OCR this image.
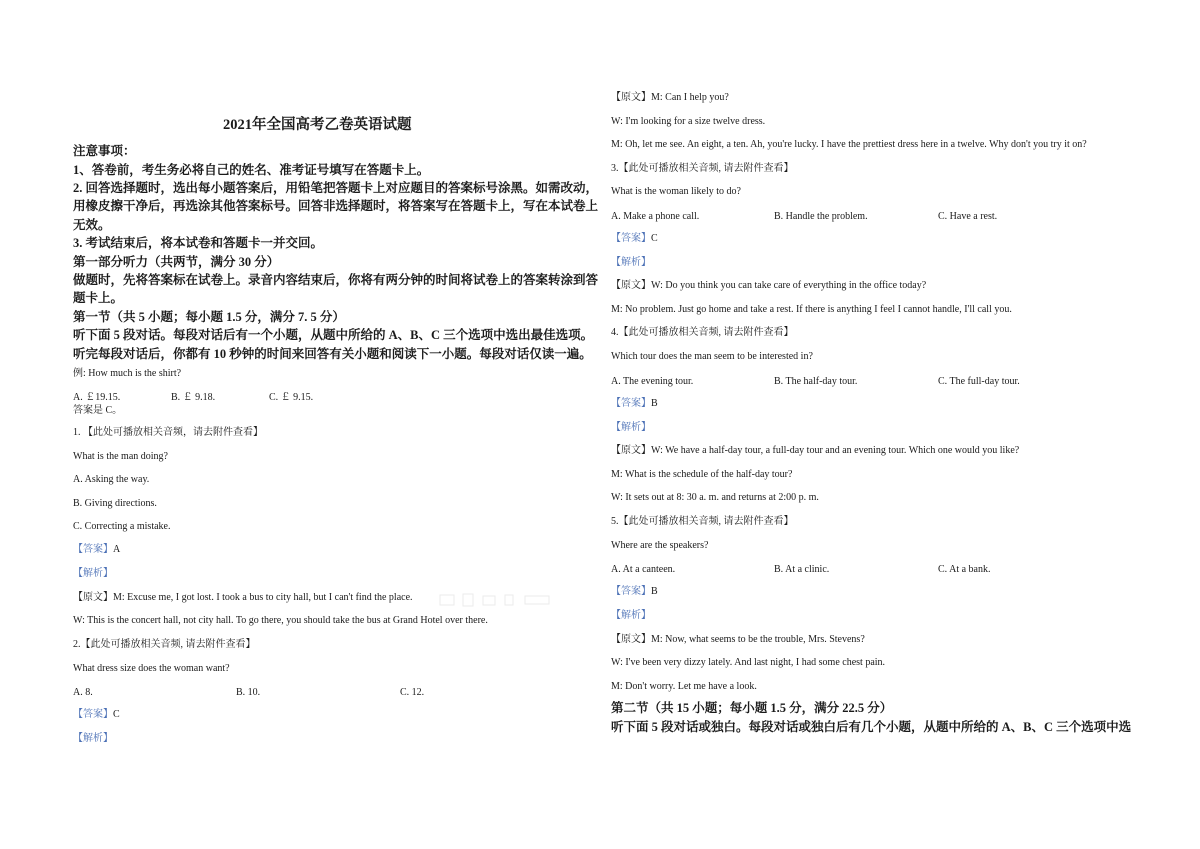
2021年全国高考乙卷英语试题
注意事项：
1、答卷前，考生务必将自己的姓名、准考证号填写在答题卡上。
2. 回答选择题时，选出每小题答案后，用铅笔把答题卡上对应题目的答案标号涂黑。如需改动，
用橡皮擦干净后，再选涂其他答案标号。回答非选择题时，将答案写在答题卡上，写在本试卷上
无效。
3. 考试结束后，将本试卷和答题卡一并交回。
第一部分听力（共两节，满分 30 分）
做题时，先将答案标在试卷上。录音内容结束后，你将有两分钟的时间将试卷上的答案转涂到答
题卡上。
第一节（共 5 小题；每小题 1.5 分，满分 7. 5 分）
听下面 5 段对话。每段对话后有一个小题，从题中所给的 A、B、C 三个选项中选出最佳选项。
听完每段对话后，你都有 10 秒钟的时间来回答有关小题和阅读下一小题。每段对话仅读一遍。
例: How much is the shirt?
A. ￡19.15.	B. ￡ 9.18.	C. ￡ 9.15.
答案是 C。
1. 【此处可播放相关音频，请去附件查看】
What is the man doing?
A. Asking the way.
B. Giving directions.
C. Correcting a mistake.
【答案】A
【解析】
【原文】M: Excuse me, I got lost. I took a bus to city hall, but I can't find the place.
W: This is the concert hall, not city hall. To go there, you should take the bus at Grand Hotel over there.
2.【此处可播放相关音频, 请去附件查看】
What dress size does the woman want?
A. 8.	B. 10.	C. 12.
【答案】C
【解析】
【原文】M: Can I help you?
W: I'm looking for a size twelve dress.
M: Oh, let me see. An eight, a ten. Ah, you're lucky. I have the prettiest dress here in a twelve. Why don't you try it on?
3.【此处可播放相关音频, 请去附件查看】
What is the woman likely to do?
A. Make a phone call.	B. Handle the problem.	C. Have a rest.
【答案】C
【解析】
【原文】W: Do you think you can take care of everything in the office today?
M: No problem. Just go home and take a rest. If there is anything I feel I cannot handle, I'll call you.
4.【此处可播放相关音频, 请去附件查看】
Which tour does the man seem to be interested in?
A. The evening tour.	B. The half-day tour.	C. The full-day tour.
【答案】B
【解析】
【原文】W: We have a half-day tour, a full-day tour and an evening tour. Which one would you like?
M: What is the schedule of the half-day tour?
W: It sets out at 8: 30 a. m. and returns at 2:00 p. m.
5.【此处可播放相关音频, 请去附件查看】
Where are the speakers?
A. At a canteen.	B. At a clinic.	C. At a bank.
【答案】B
【解析】
【原文】M: Now, what seems to be the trouble, Mrs. Stevens?
W: I've been very dizzy lately. And last night, I had some chest pain.
M: Don't worry. Let me have a look.
第二节（共 15 小题；每小题 1.5 分，满分 22.5 分）
听下面 5 段对话或独白。每段对话或独白后有几个小题，从题中所给的 A、B、C 三个选项中选
